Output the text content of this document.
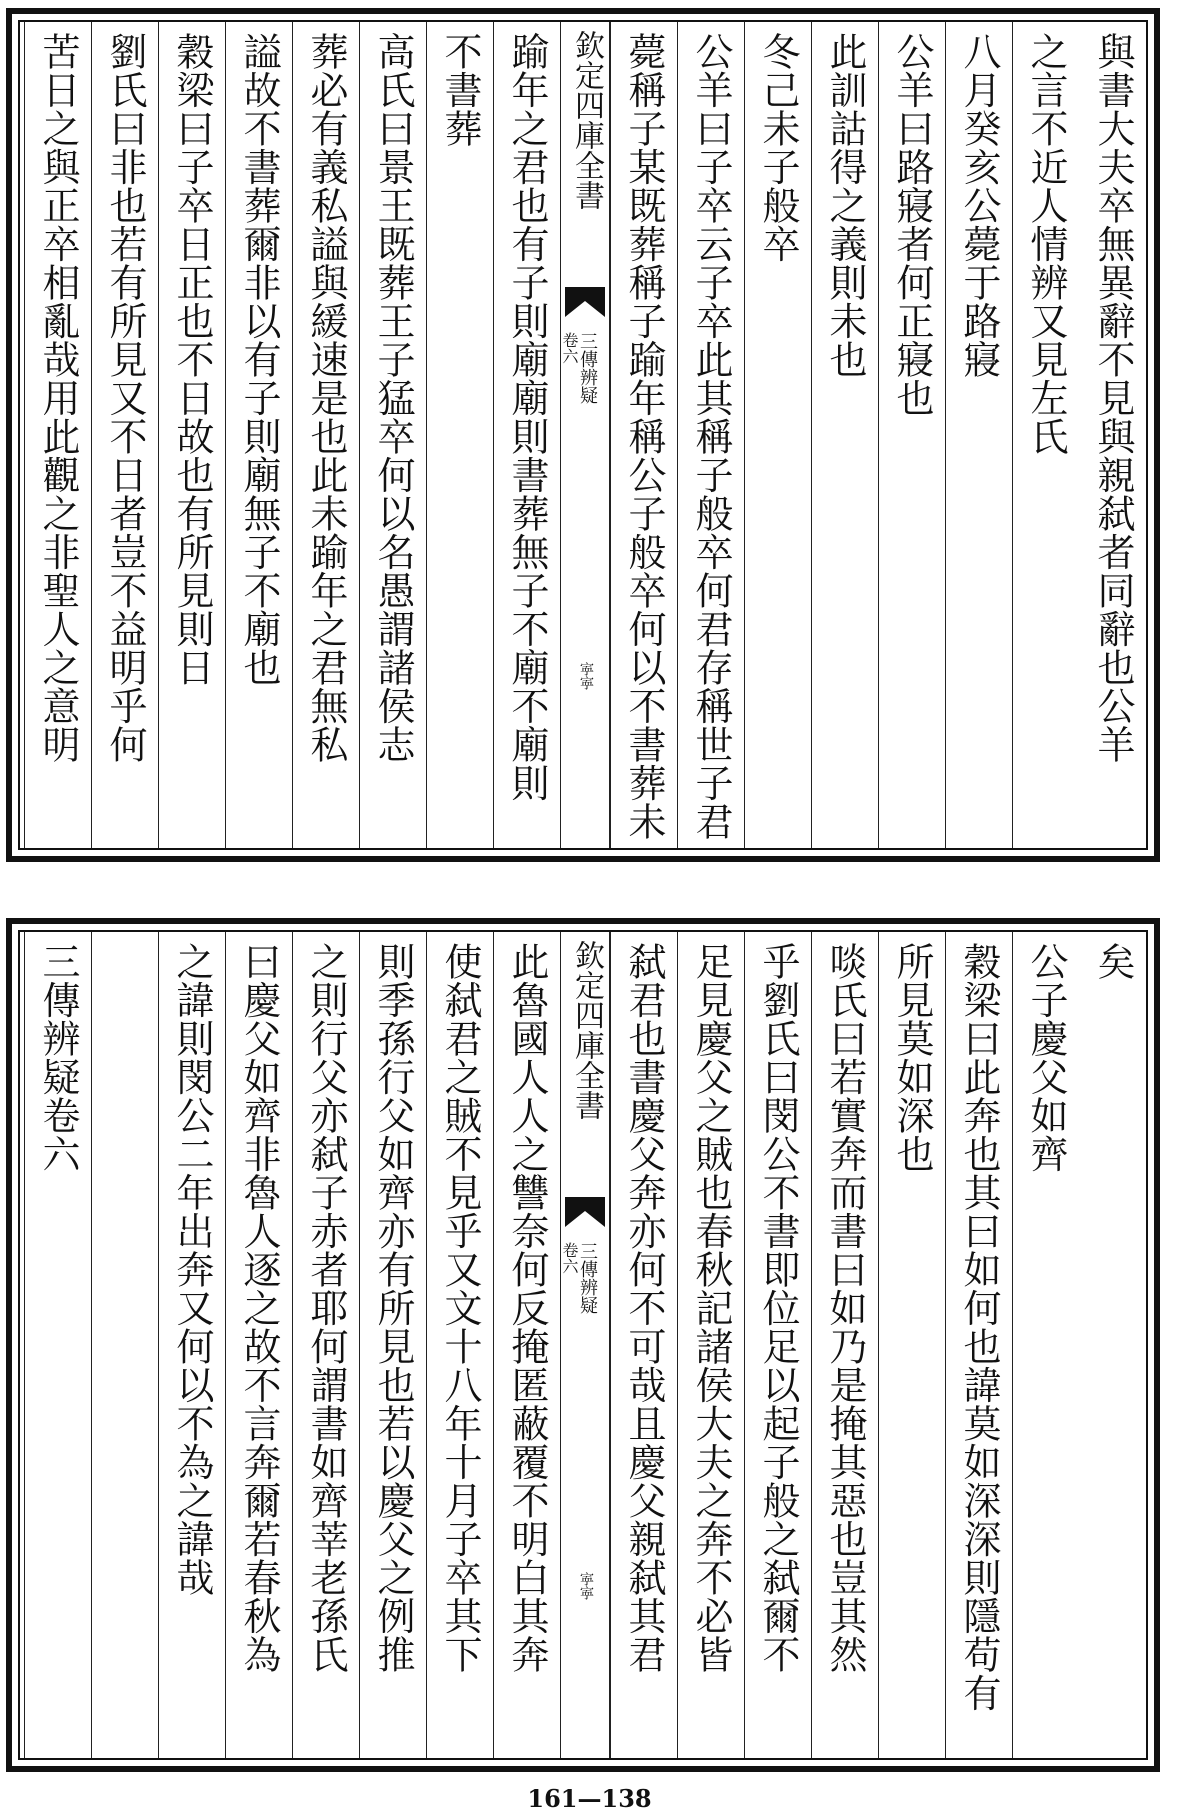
與書大夫卒無異辭不見與親弑者同辭也公羊
之言不近人情辨又見左氏
八月癸亥公薨于路寢
公羊曰路寢者何正寢也
此訓詁得之義則未也
冬己未子般卒
公羊曰子卒云子卒此其稱子般卒何君存稱世子君
薨稱子某既葬稱子踰年稱公子般卒何以不書葬未
欽定四庫全書
三傳辨疑
卷六
𡨴𡨴
踰年之君也有子則廟廟則書葬無子不廟不廟則
不書葬
高氏曰景王既葬王子猛卒何以名愚謂諸侯志
葬必有義私謚與緩速是也此未踰年之君無私
謚故不書葬爾非以有子則廟無子不廟也
穀梁曰子卒日正也不日故也有所見則日
劉氏曰非也若有所見又不日者豈不益明乎何
苦日之與正卒相亂哉用此觀之非聖人之意明
矣
公子慶父如齊
穀梁曰此奔也其曰如何也諱莫如深深則隱苟有
所見莫如深也
啖氏曰若實奔而書曰如乃是掩其惡也豈其然
乎劉氏曰閔公不書即位足以起子般之弑爾不
足見慶父之賊也春秋記諸侯大夫之奔不必皆
弑君也書慶父奔亦何不可哉且慶父親弑其君
欽定四庫全書
三傳辨疑
卷六
𡨴𡨴
此魯國人人之讐奈何反掩匿蔽覆不明白其奔
使弑君之賊不見乎又文十八年十月子卒其下
則季孫行父如齊亦有所見也若以慶父之例推
之則行父亦弑子赤者耶何謂書如齊莘老孫氏
曰慶父如齊非魯人逐之故不言奔爾若春秋為
之諱則閔公二年出奔又何以不為之諱哉
三傳辨疑卷六
161—138
